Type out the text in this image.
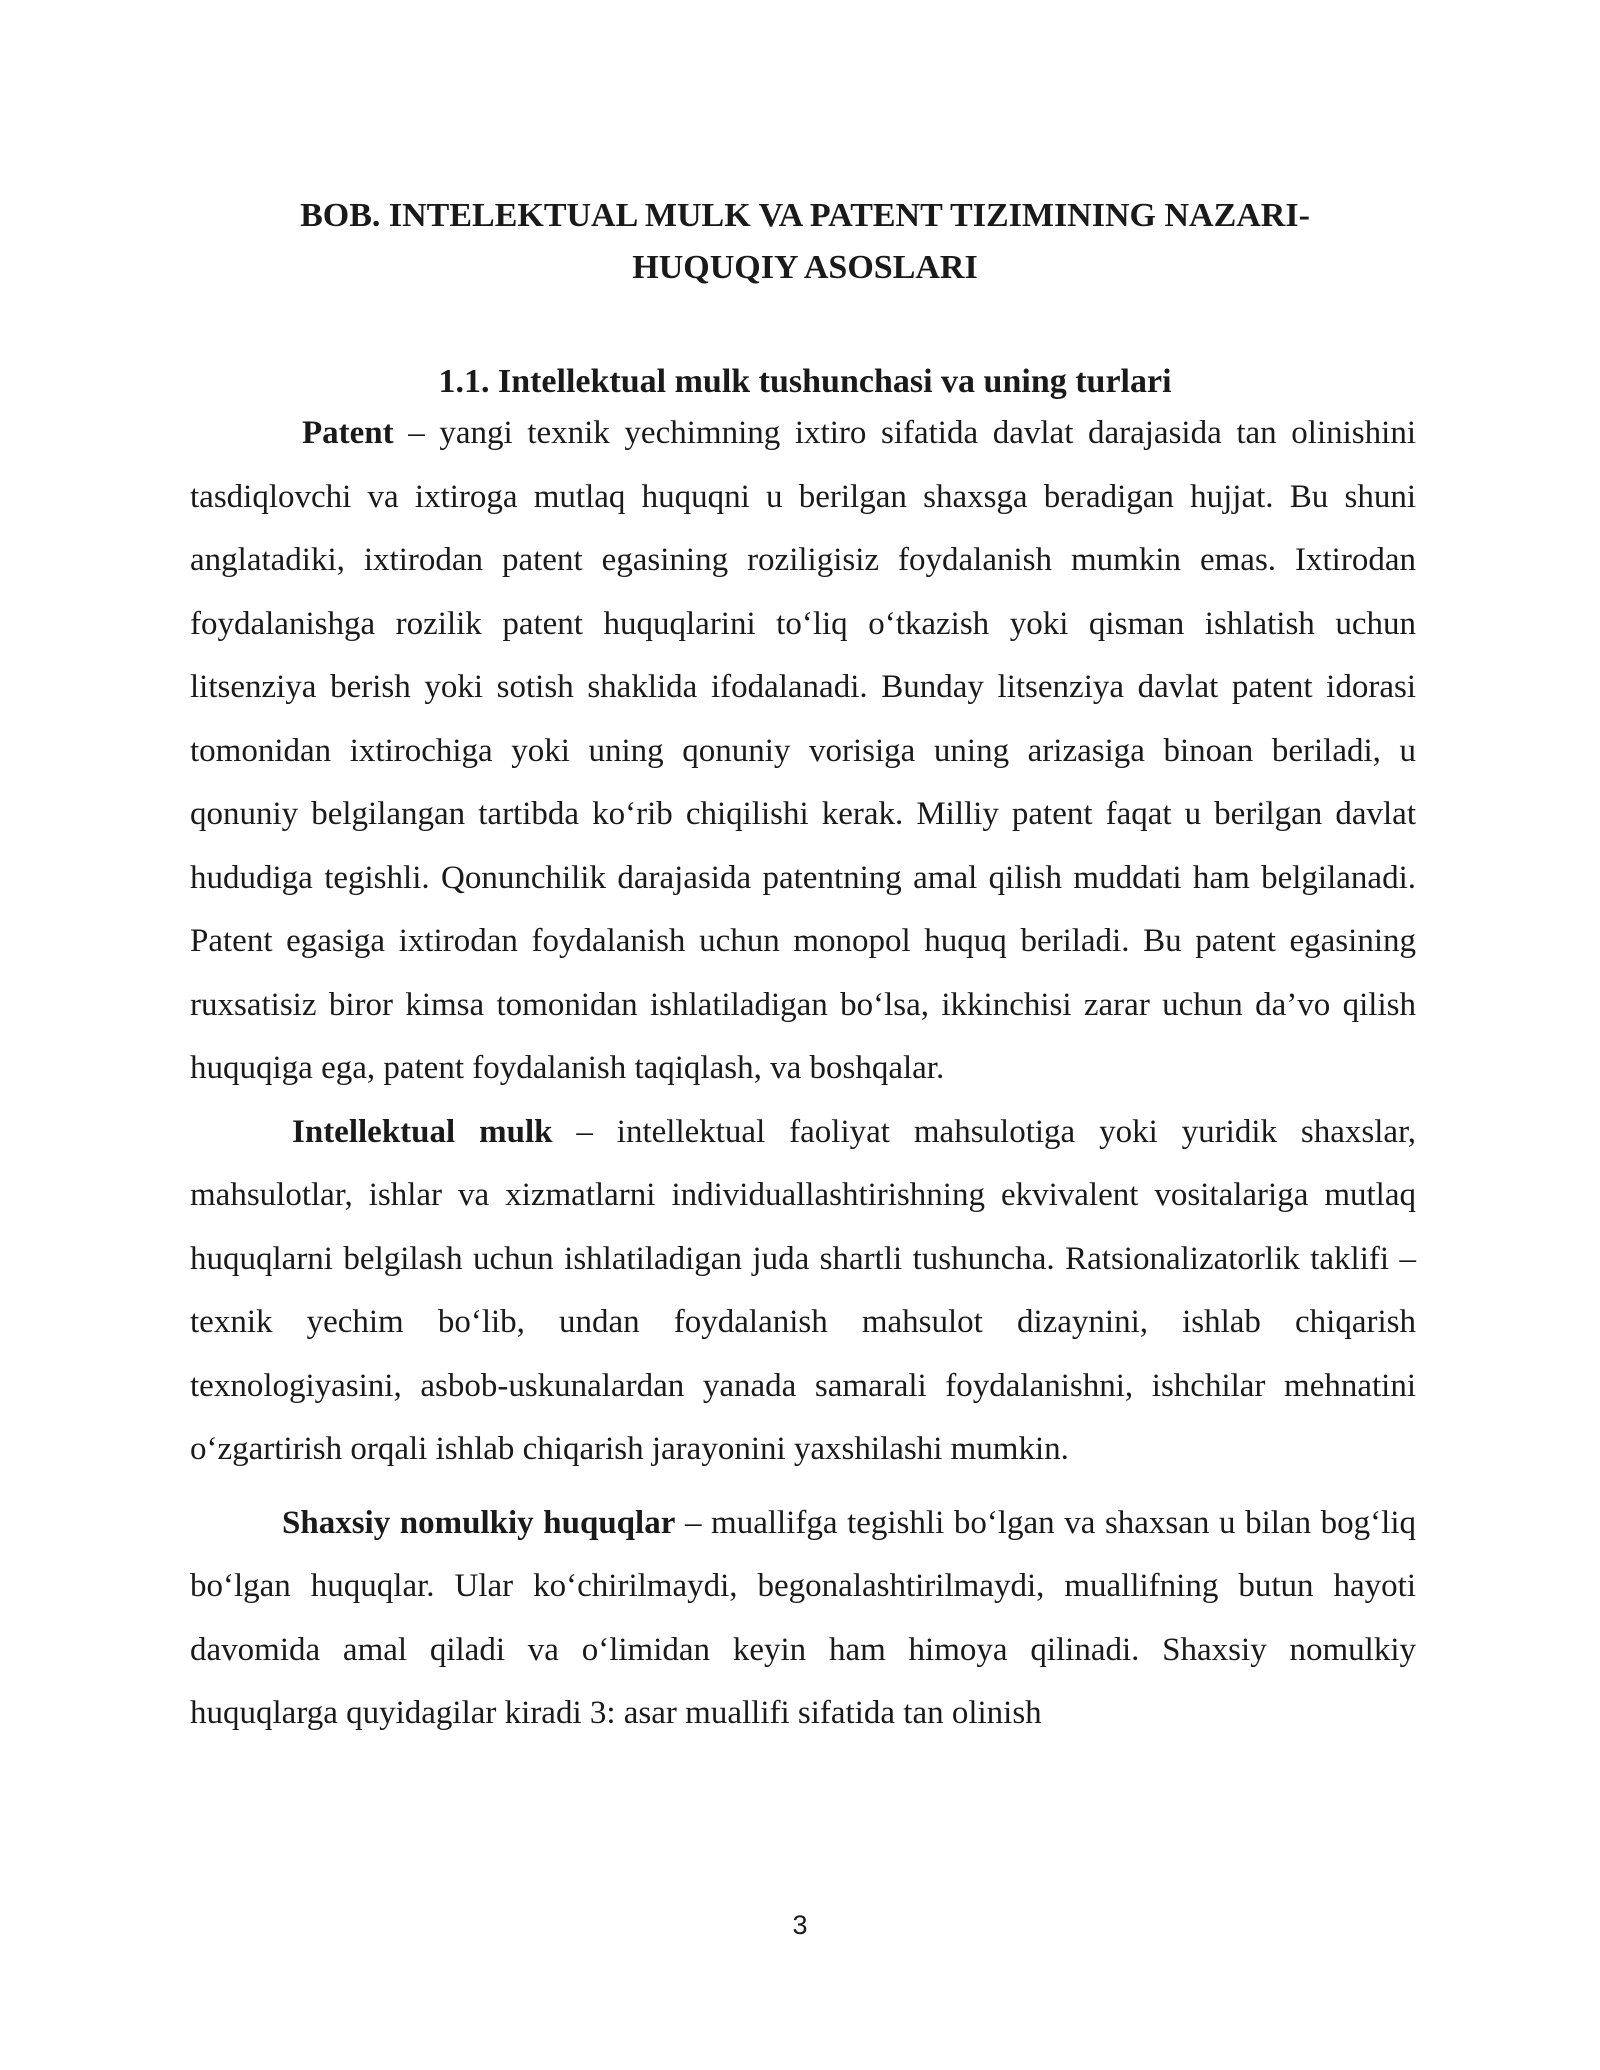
BOB. INTELEKTUAL MULK VA PATENT TIZIMINING NAZARI-
HUQUQIY ASOSLARI
1.1. Intellektual mulk tushunchasi va uning turlari

Patent – yangi texnik yechimning ixtiro sifatida davlat darajasida tan olinishini tasdiqlovchi va ixtiroga mutlaq huquqni u berilgan shaxsga beradigan hujjat. Bu shuni anglatadiki, ixtirodan patent egasining roziligisiz foydalanish mumkin emas. Ixtirodan foydalanishga rozilik patent huquqlarini to‘liq o‘tkazish yoki qisman ishlatish uchun litsenziya berish yoki sotish shaklida ifodalanadi. Bunday litsenziya davlat patent idorasi tomonidan ixtirochiga yoki uning qonuniy vorisiga uning arizasiga binoan beriladi, u qonuniy belgilangan tartibda ko‘rib chiqilishi kerak. Milliy patent faqat u berilgan davlat hududiga tegishli. Qonunchilik darajasida patentning amal qilish muddati ham belgilanadi. Patent egasiga ixtirodan foydalanish uchun monopol huquq beriladi. Bu patent egasining ruxsatisiz biror kimsa tomonidan ishlatiladigan bo‘lsa, ikkinchisi zarar uchun da’vo qilish huquqiga ega, patent foydalanish taqiqlash, va boshqalar.

Intellektual mulk – intellektual faoliyat mahsulotiga yoki yuridik shaxslar, mahsulotlar, ishlar va xizmatlarni individuallashtirishning ekvivalent vositalariga mutlaq huquqlarni belgilash uchun ishlatiladigan juda shartli tushuncha. Ratsionalizatorlik taklifi – texnik yechim bo‘lib, undan foydalanish mahsulot dizaynini, ishlab chiqarish texnologiyasini, asbob-uskunalardan yanada samarali foydalanishni, ishchilar mehnatini o‘zgartirish orqali ishlab chiqarish jarayonini yaxshilashi mumkin.

Shaxsiy nomulkiy huquqlar – muallifga tegishli bo‘lgan va shaxsan u bilan bog‘liq bo‘lgan huquqlar. Ular ko‘chirilmaydi, begonalashtirilmaydi, muallifning butun hayoti davomida amal qiladi va o‘limidan keyin ham himoya qilinadi. Shaxsiy nomulkiy huquqlarga quyidagilar kiradi 3: asar muallifi sifatida tan olinish

3
